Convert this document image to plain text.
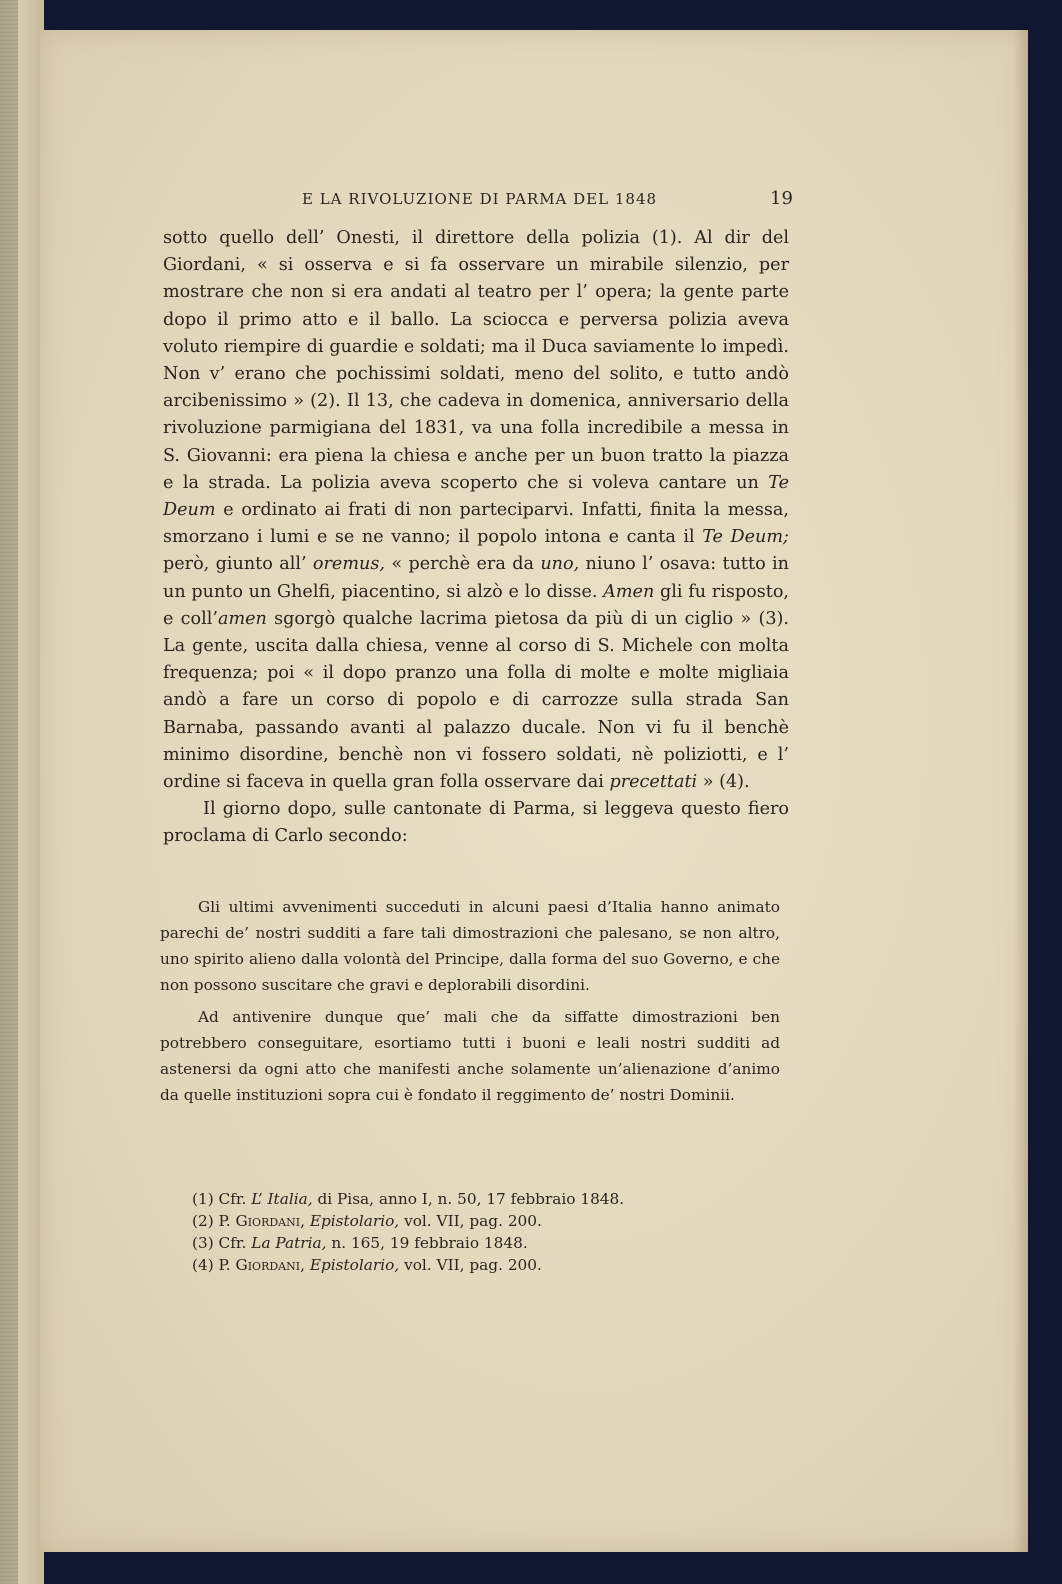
E LA RIVOLUZIONE DI PARMA DEL 1848	19

sotto quello dell’ Onesti, il direttore della polizia (1). Al dir del Giordani, « si osserva e si fa osservare un mirabile silenzio, per mostrare che non si era andati al teatro per l’ opera; la gente parte dopo il primo atto e il ballo. La sciocca e perversa polizia aveva voluto riempire di guardie e soldati; ma il Duca saviamente lo impedì. Non v’ erano che pochissimi soldati, meno del solito, e tutto andò arcibenissimo » (2). Il 13, che cadeva in domenica, anniversario della rivoluzione parmigiana del 1831, va una folla incredibile a messa in S. Giovanni: era piena la chiesa e anche per un buon tratto la piazza e la strada. La polizia aveva scoperto che si voleva cantare un Te Deum e ordinato ai frati di non parteciparvi. Infatti, finita la messa, smorzano i lumi e se ne vanno; il popolo intona e canta il Te Deum; però, giunto all’ oremus, « perchè era da uno, niuno l’ osava: tutto in un punto un Ghelfi, piacentino, si alzò e lo disse. Amen gli fu risposto, e coll’amen sgorgò qualche lacrima pietosa da più di un ciglio » (3). La gente, uscita dalla chiesa, venne al corso di S. Michele con molta frequenza; poi « il dopo pranzo una folla di molte e molte migliaia andò a fare un corso di popolo e di carrozze sulla strada San Barnaba, passando avanti al palazzo ducale. Non vi fu il benchè minimo disordine, benchè non vi fossero soldati, nè poliziotti, e l’ ordine si faceva in quella gran folla osservare dai precettati » (4).

Il giorno dopo, sulle cantonate di Parma, si leggeva questo fiero proclama di Carlo secondo:

Gli ultimi avvenimenti succeduti in alcuni paesi d’Italia hanno animato parechi de’ nostri sudditi a fare tali dimostrazioni che palesano, se non altro, uno spirito alieno dalla volontà del Principe, dalla forma del suo Governo, e che non possono suscitare che gravi e deplorabili disordini.

Ad antivenire dunque que’ mali che da siffatte dimostrazioni ben potrebbero conseguitare, esortiamo tutti i buoni e leali nostri sudditi ad astenersi da ogni atto che manifesti anche solamente un’alienazione d’animo da quelle instituzioni sopra cui è fondato il reggimento de’ nostri Dominii.

(1) Cfr. L’ Italia, di Pisa, anno I, n. 50, 17 febbraio 1848.

(2) P. Giordani, Epistolario, vol. VII, pag. 200.

(3) Cfr. La Patria, n. 165, 19 febbraio 1848.

(4) P. Giordani, Epistolario, vol. VII, pag. 200.
